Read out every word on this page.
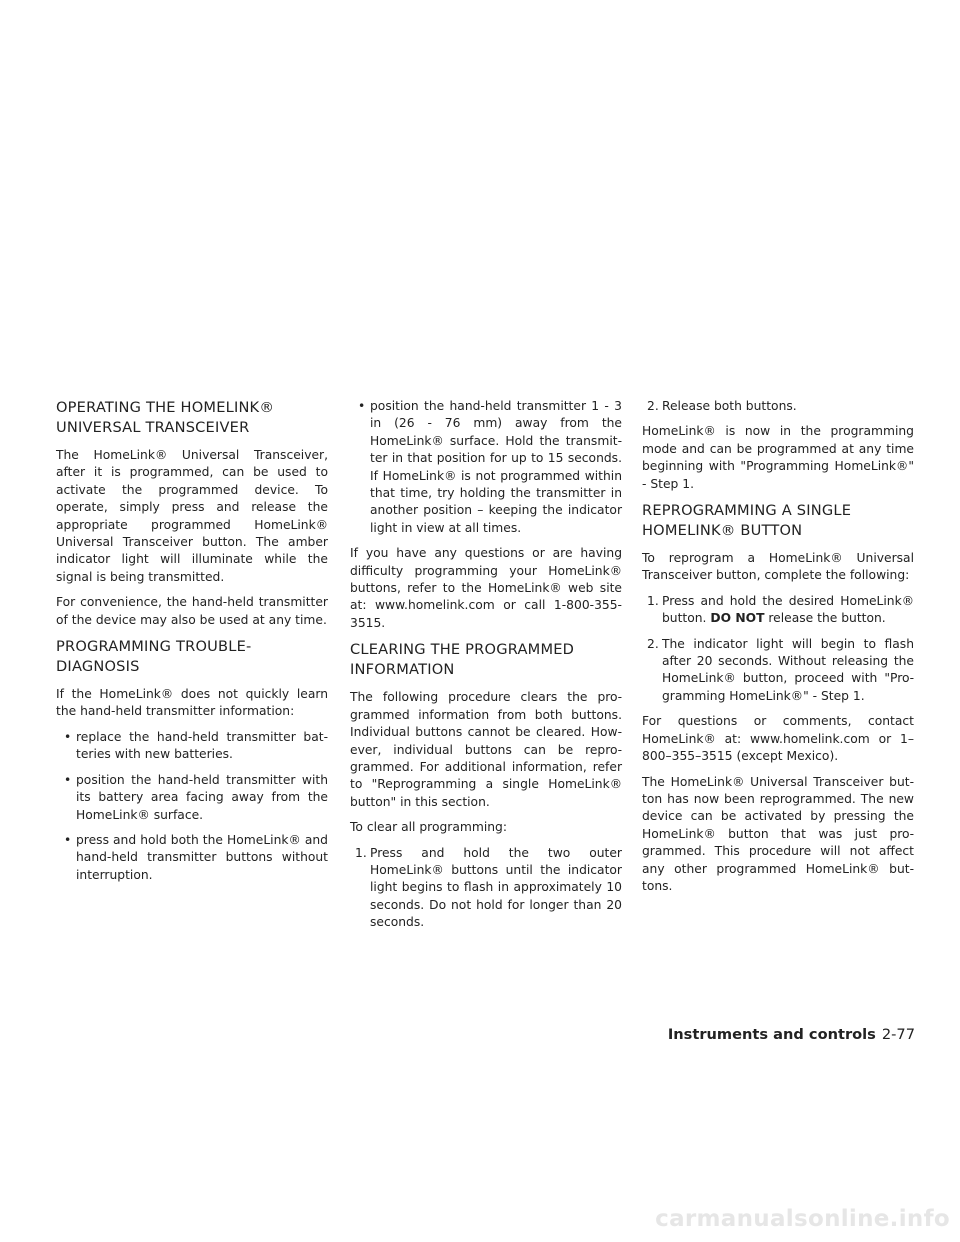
OPERATING THE HOMELINK® UNIVERSAL TRANSCEIVER

The HomeLink® Universal Transceiver, after it is programmed, can be used to activate the programmed device. To operate, simply press and release the appropriate programmed HomeLink® Universal Transceiver button. The amber indicator light will illuminate while the signal is being transmitted.

For convenience, the hand-held transmitter of the device may also be used at any time.

PROGRAMMING TROUBLE-DIAGNOSIS

If the HomeLink® does not quickly learn the hand-held transmitter information:

• replace the hand-held transmitter batteries with new batteries.
• position the hand-held transmitter with its battery area facing away from the HomeLink® surface.
• press and hold both the HomeLink® and hand-held transmitter buttons without interruption.
• position the hand-held transmitter 1 - 3 in (26 - 76 mm) away from the HomeLink® surface. Hold the transmitter in that position for up to 15 seconds. If HomeLink® is not programmed within that time, try holding the transmitter in another position – keeping the indicator light in view at all times.

If you have any questions or are having difficulty programming your HomeLink® buttons, refer to the HomeLink® web site at: www.homelink.com or call 1-800-355-3515.

CLEARING THE PROGRAMMED INFORMATION

The following procedure clears the programmed information from both buttons. Individual buttons cannot be cleared. However, individual buttons can be reprogrammed. For additional information, refer to "Reprogramming a single HomeLink® button" in this section.

To clear all programming:

1. Press and hold the two outer HomeLink® buttons until the indicator light begins to flash in approximately 10 seconds. Do not hold for longer than 20 seconds.
2. Release both buttons.

HomeLink® is now in the programming mode and can be programmed at any time beginning with "Programming HomeLink®" - Step 1.

REPROGRAMMING A SINGLE HOMELINK® BUTTON

To reprogram a HomeLink® Universal Transceiver button, complete the following:

1. Press and hold the desired HomeLink® button. DO NOT release the button.
2. The indicator light will begin to flash after 20 seconds. Without releasing the HomeLink® button, proceed with "Programming HomeLink®" - Step 1.

For questions or comments, contact HomeLink® at: www.homelink.com or 1–800–355–3515 (except Mexico).

The HomeLink® Universal Transceiver button has now been reprogrammed. The new device can be activated by pressing the HomeLink® button that was just programmed. This procedure will not affect any other programmed HomeLink® buttons.

Instruments and controls 2-77
carmanualsonline.info
